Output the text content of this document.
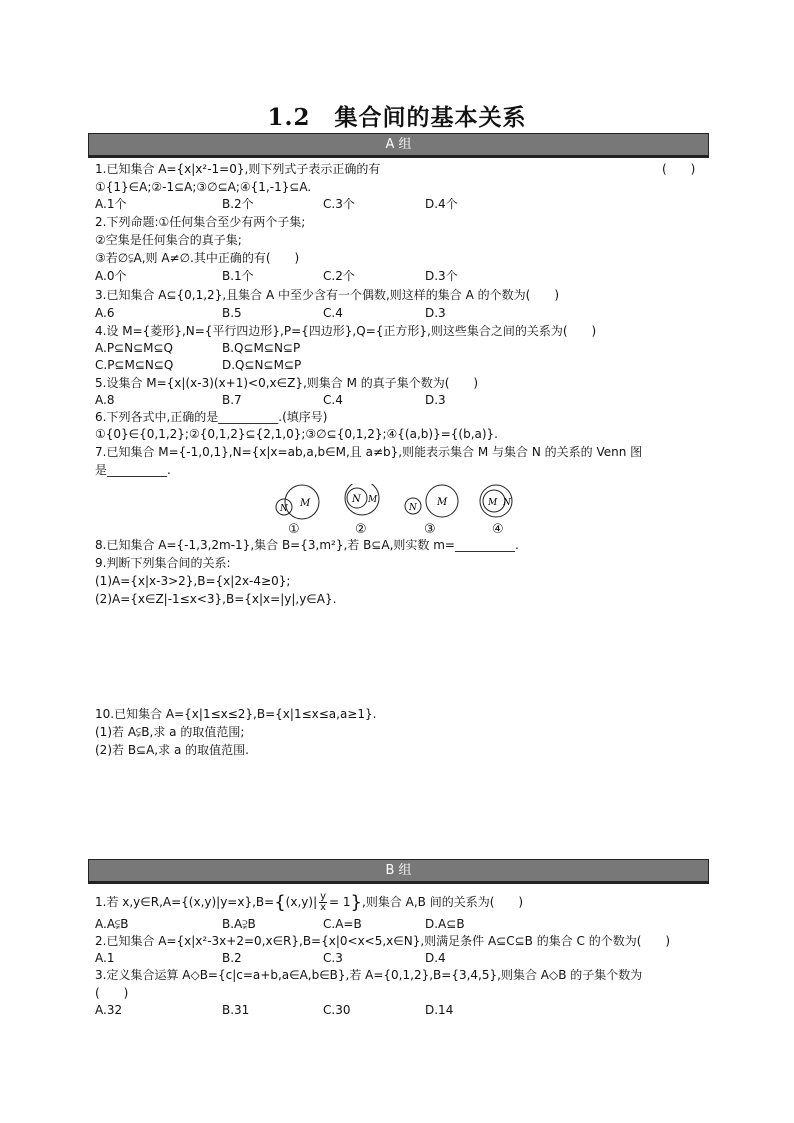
1.2　集合间的基本关系
A 组
1.已知集合 A={x|x²-1=0},则下列式子表示正确的有	(　　)
①{1}∈A;②-1⊆A;③∅⊆A;④{1,-1}⊆A.
A.1个	B.2个	C.3个	D.4个
2.下列命题:①任何集合至少有两个子集;
②空集是任何集合的真子集;
③若∅⫋A,则 A≠∅.其中正确的有(　　)
A.0个	B.1个	C.2个	D.3个
3.已知集合 A⊆{0,1,2},且集合 A 中至少含有一个偶数,则这样的集合 A 的个数为(　　)
A.6	B.5	C.4	D.3
4.设 M={菱形},N={平行四边形},P={四边形},Q={正方形},则这些集合之间的关系为(　　)
A.P⊆N⊆M⊆Q	B.Q⊆M⊆N⊆P
C.P⊆M⊆N⊆Q	D.Q⊆N⊆M⊆P
5.设集合 M={x|(x-3)(x+1)<0,x∈Z},则集合 M 的真子集个数为(　　)
A.8	B.7	C.4	D.3
6.下列各式中,正确的是__________.(填序号)
①{0}∈{0,1,2};②{0,1,2}⊆{2,1,0};③∅⊆{0,1,2};④{(a,b)}={(b,a)}.
7.已知集合 M={-1,0,1},N={x|x=ab,a,b∈M,且 a≠b},则能表示集合 M 与集合 N 的关系的 Venn 图
是__________.
N M	N M
N M	M N
①	②	③	④
8.已知集合 A={-1,3,2m-1},集合 B={3,m²},若 B⊆A,则实数 m=__________.
9.判断下列集合间的关系:
(1)A={x|x-3>2},B={x|2x-4≥0};
(2)A={x∈Z|-1≤x<3},B={x|x=|y|,y∈A}.
10.已知集合 A={x|1≤x≤2},B={x|1≤x≤a,a≥1}.
(1)若 A⫋B,求 a 的取值范围;
(2)若 B⊆A,求 a 的取值范围.
B 组
1.若 x,y∈R,A={(x,y)|y=x},B={(x,y)| $\frac{y}{x} = 1$},则集合 A,B 间的关系为(　　)
A.A⫋B	B.A⫌B	C.A=B	D.A⊆B
2.已知集合 A={x|x²-3x+2=0,x∈R},B={x|0<x<5,x∈N},则满足条件 A⊆C⊆B 的集合 C 的个数为(　　)
A.1	B.2	C.3	D.4
3.定义集合运算 A◇B={c|c=a+b,a∈A,b∈B},若 A={0,1,2},B={3,4,5},则集合 A◇B 的子集个数为
(　　)
A.32	B.31	C.30	D.14
